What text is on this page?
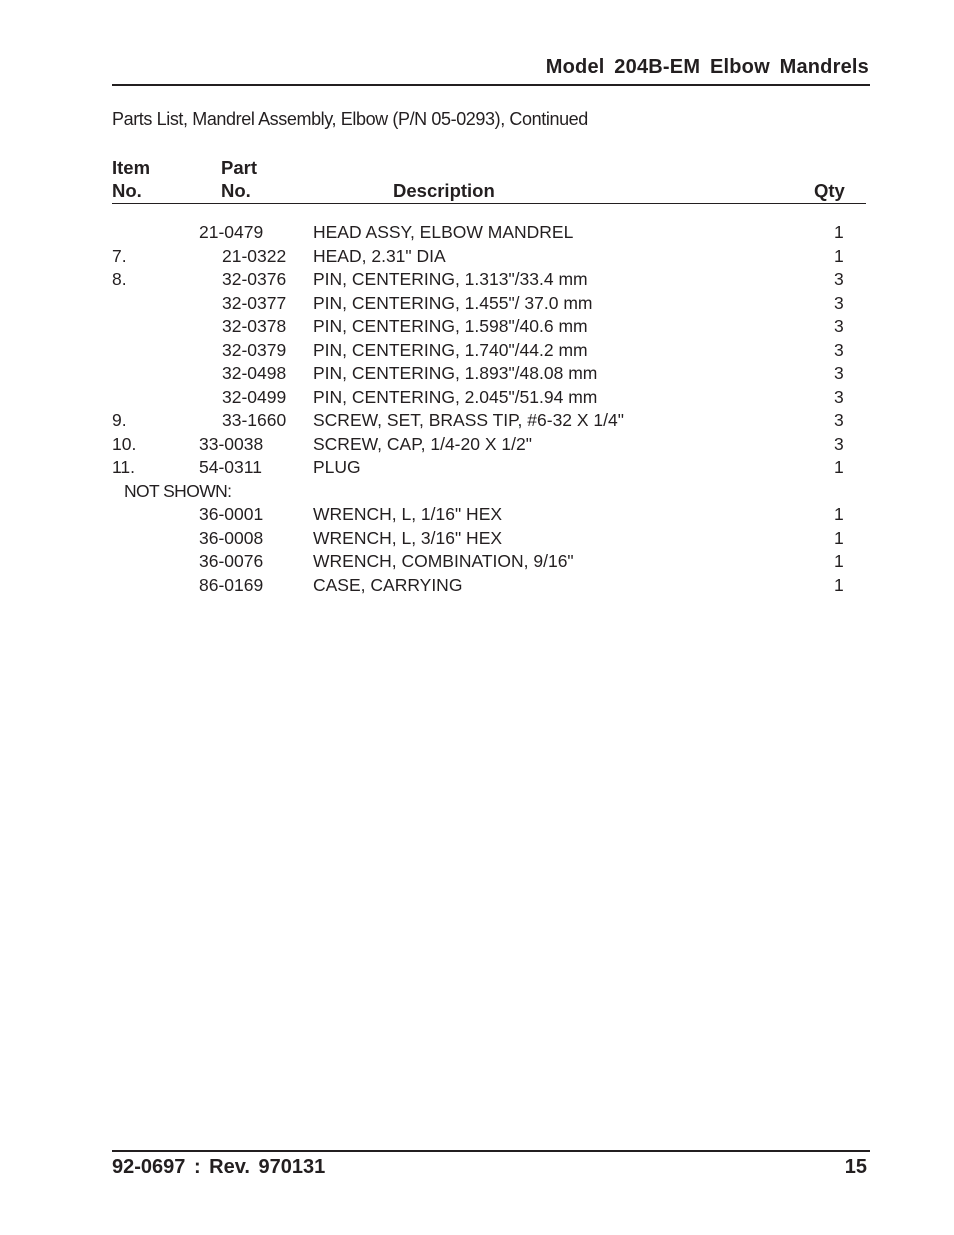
Model 204B-EM Elbow Mandrels
Parts List, Mandrel Assembly, Elbow (P/N 05-0293), Continued
Item
No.
Part
No.	Description	Qty
21-0479	HEAD ASSY, ELBOW MANDREL	1
7.	21-0322 HEAD, 2.31" DIA	1
8.	32-0376 PIN, CENTERING, 1.313"/33.4 mm	3
32-0377 PIN, CENTERING, 1.455"/ 37.0 mm	3
32-0378 PIN, CENTERING, 1.598"/40.6 mm	3
32-0379 PIN, CENTERING, 1.740"/44.2 mm	3
32-0498 PIN, CENTERING, 1.893"/48.08 mm	3
32-0499 PIN, CENTERING, 2.045"/51.94 mm	3
9.	33-1660 SCREW, SET, BRASS TIP, #6-32 X 1/4"	3
10.	33-0038	SCREW, CAP, 1/4-20 X 1/2"	3
11.	54-0311	PLUG	1
NOT SHOWN:
36-0001	WRENCH, L, 1/16" HEX	1
36-0008	WRENCH, L, 3/16" HEX	1
36-0076	WRENCH, COMBINATION, 9/16"	1
86-0169	CASE, CARRYING	1
92-0697 : Rev. 970131	15
